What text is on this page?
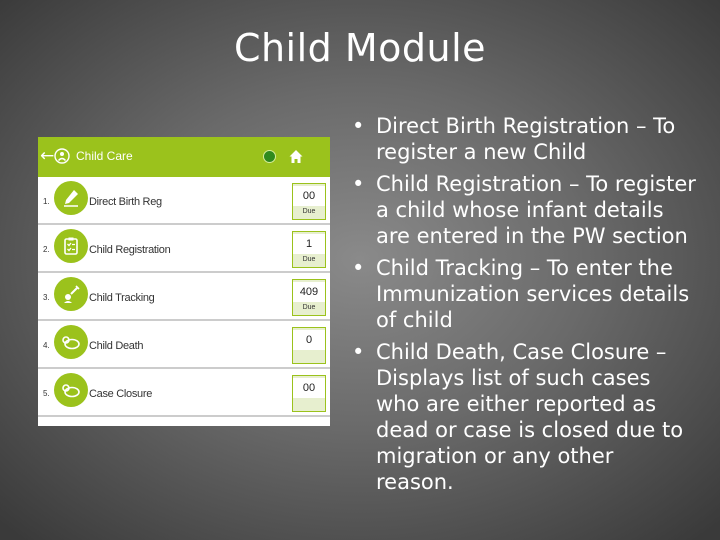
Child Module
← Child Care
1.	Direct Birth Reg	00
Due
2.	Child Registration	1
Due
3.	Child Tracking	409
Due
4.	Child Death	0
5.	Case Closure	00
• Direct Birth Registration – To register a new Child
• Child Registration – To register a child whose infant details are entered in the PW section
• Child Tracking – To enter the Immunization services details of child
• Child Death, Case Closure – Displays list of such cases who are either reported as dead or case is closed due to migration or any other reason.
